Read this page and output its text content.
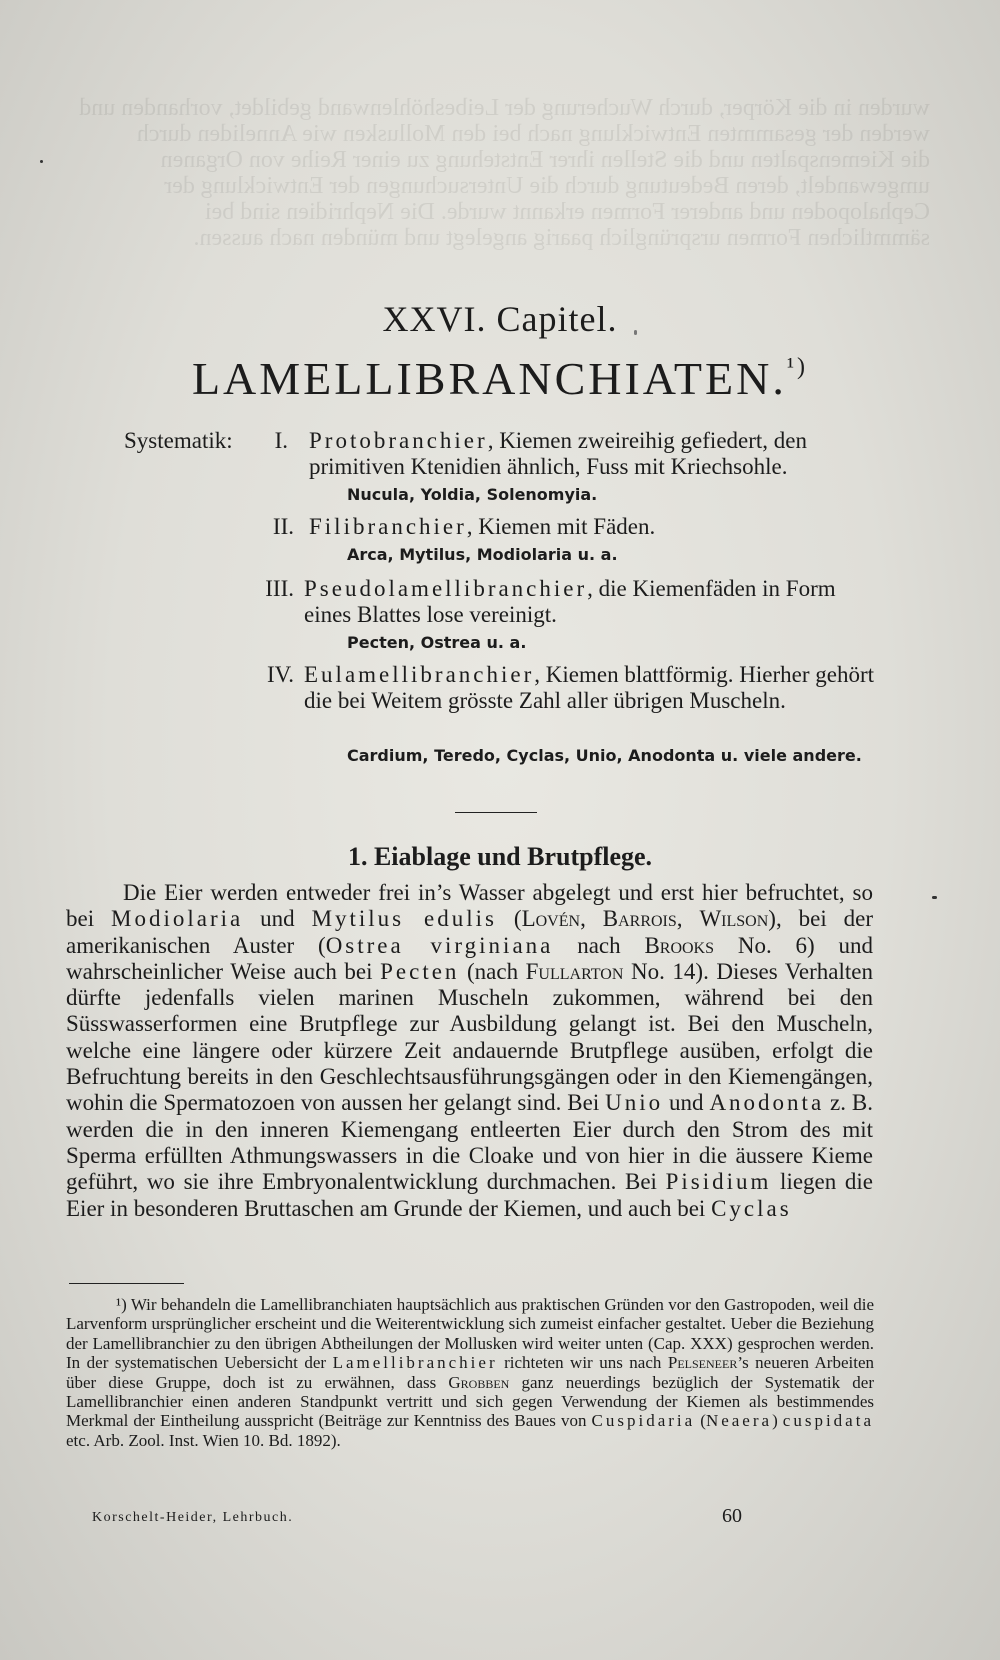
wurden in die Körper, durch Wucherung der Leibeshöhlenwand gebildet, vorhanden und
werden der gesammten Entwicklung nach bei den Mollusken wie Anneliden durch
die Kiemenspalten und die Stellen ihrer Entstehung zu einer Reihe von Organen
umgewandelt, deren Bedeutung durch die Untersuchungen der Entwicklung der
Cephalopoden und anderer Formen erkannt wurde. Die Nephridien sind bei
sämmtlichen Formen ursprünglich paarig angelegt und münden nach aussen.
XXVI. Capitel.
LAMELLIBRANCHIATEN.$^{^1)}$
Systematik:	I. Protobranchier, Kiemen zweireihig gefiedert, den primitiven Ktenidien ähnlich, Fuss mit Kriechsohle.
Nucula, Yoldia, Solenomyia.
II. Filibranchier, Kiemen mit Fäden.
Arca, Mytilus, Modiolaria u. a.
III. Pseudolamellibranchier, die Kiemenfäden in Form eines Blattes lose vereinigt.
Pecten, Ostrea u. a.
IV. Eulamellibranchier, Kiemen blattförmig. Hierher gehört die bei Weitem grösste Zahl aller übrigen Muscheln.
Cardium, Teredo, Cyclas, Unio, Anodonta u. viele andere.
1. Eiablage und Brutpflege.

Die Eier werden entweder frei in’s Wasser abgelegt und erst hier befruchtet, so bei Modiolaria und Mytilus edulis (Lovén, Barrois, Wilson), bei der amerikanischen Auster (Ostrea virginiana nach Brooks No. 6) und wahrscheinlicher Weise auch bei Pecten (nach Fullarton No. 14). Dieses Verhalten dürfte jedenfalls vielen marinen Muscheln zukommen, während bei den Süsswasserformen eine Brutpflege zur Ausbildung gelangt ist. Bei den Muscheln, welche eine längere oder kürzere Zeit andauernde Brutpflege ausüben, erfolgt die Befruchtung bereits in den Geschlechtsausführungsgängen oder in den Kiemengängen, wohin die Spermatozoen von aussen her gelangt sind. Bei Unio und Anodonta z. B. werden die in den inneren Kiemengang entleerten Eier durch den Strom des mit Sperma erfüllten Athmungswassers in die Cloake und von hier in die äussere Kieme geführt, wo sie ihre Embryonalentwicklung durchmachen. Bei Pisidium liegen die Eier in besonderen Bruttaschen am Grunde der Kiemen, und auch bei Cyclas

¹) Wir behandeln die Lamellibranchiaten hauptsächlich aus praktischen Gründen vor den Gastropoden, weil die Larvenform ursprünglicher erscheint und die Weiterentwicklung sich zumeist einfacher gestaltet. Ueber die Beziehung der Lamellibranchier zu den übrigen Abtheilungen der Mollusken wird weiter unten (Cap. XXX) gesprochen werden. In der systematischen Uebersicht der Lamellibranchier richteten wir uns nach Pelseneer’s neueren Arbeiten über diese Gruppe, doch ist zu erwähnen, dass Grobben ganz neuerdings bezüglich der Systematik der Lamellibranchier einen anderen Standpunkt vertritt und sich gegen Verwendung der Kiemen als bestimmendes Merkmal der Eintheilung ausspricht (Beiträge zur Kenntniss des Baues von Cuspidaria (Neaera) cuspidata etc. Arb. Zool. Inst. Wien 10. Bd. 1892).

Korschelt-Heider, Lehrbuch.	60
